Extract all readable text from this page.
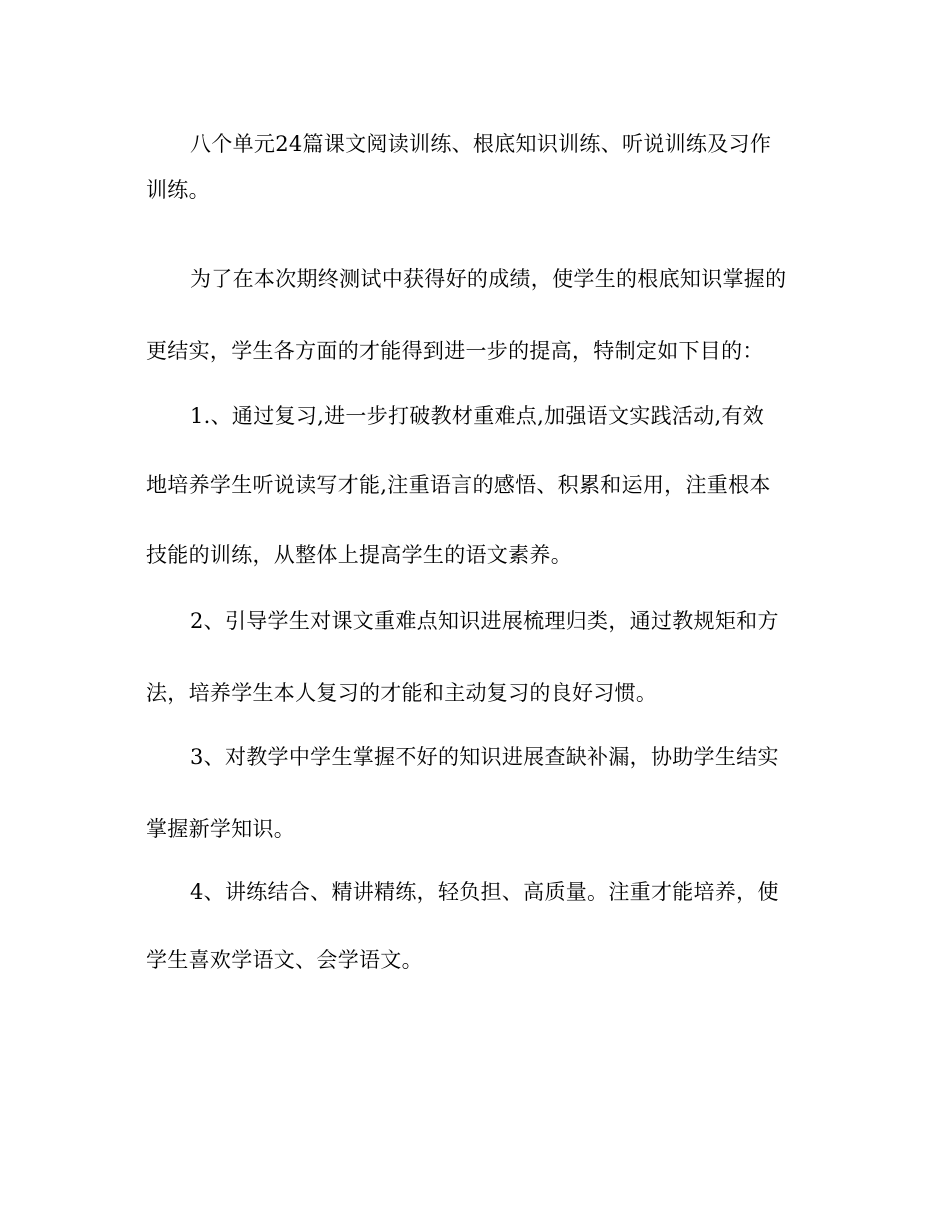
八个单元24篇课文阅读训练、根底知识训练、听说训练及习作
训练。
为了在本次期终测试中获得好的成绩，使学生的根底知识掌握的
更结实，学生各方面的才能得到进一步的提高，特制定如下目的：
1.、通过复习,进一步打破教材重难点,加强语文实践活动,有效
地培养学生听说读写才能,注重语言的感悟、积累和运用，注重根本
技能的训练，从整体上提高学生的语文素养。
2、引导学生对课文重难点知识进展梳理归类，通过教规矩和方
法，培养学生本人复习的才能和主动复习的良好习惯。
3、对教学中学生掌握不好的知识进展查缺补漏，协助学生结实
掌握新学知识。
4、讲练结合、精讲精练，轻负担、高质量。注重才能培养，使
学生喜欢学语文、会学语文。
